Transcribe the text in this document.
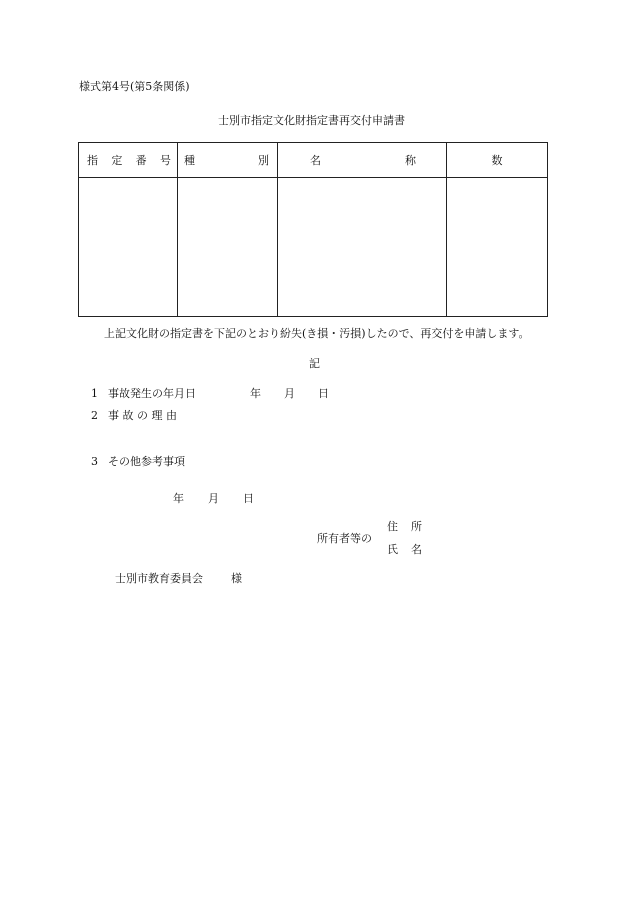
様式第4号(第5条関係)
士別市指定文化財指定書再交付申請書
指 定 番 号	種 別	名 称	数

上記文化財の指定書を下記のとおり紛失(き損・汚損)したので、再交付を申請します。
記
1 事故発生の年月日	年 月 日
2 事 故 の 理 由
3 その他参考事項
年 月 日
所有者等の
住 所
氏 名
士別市教育委員会	様
